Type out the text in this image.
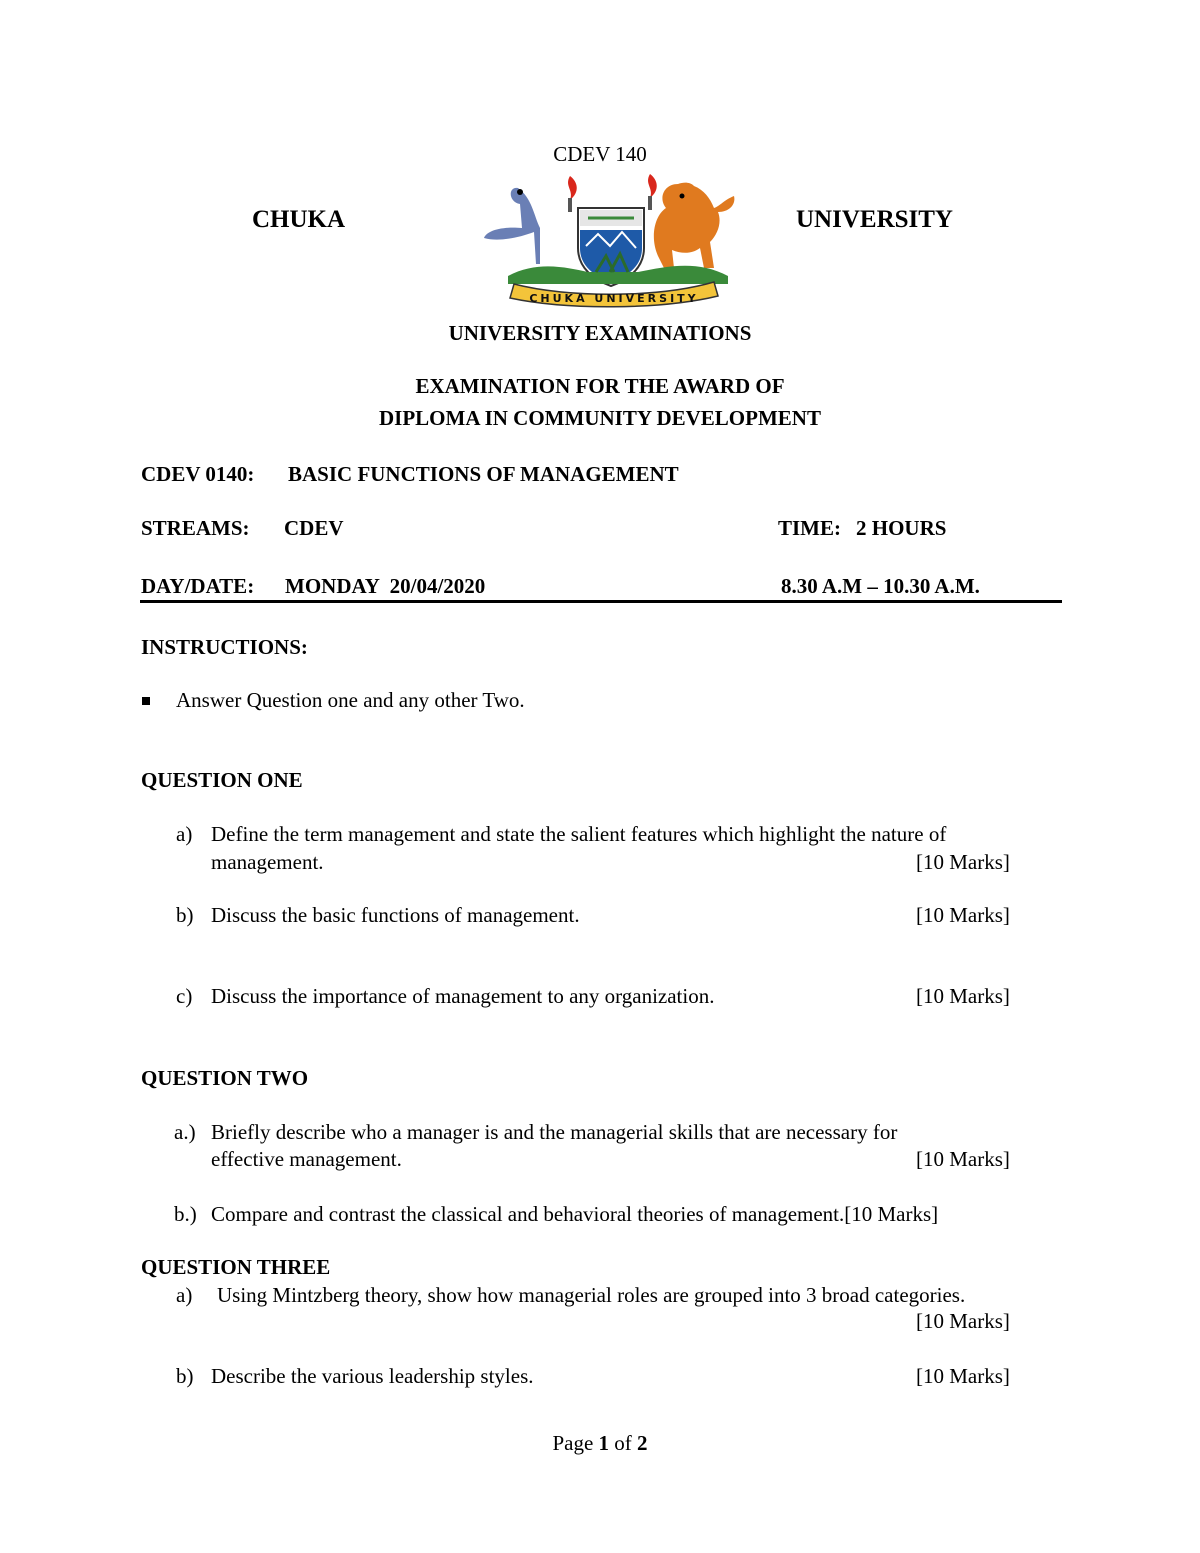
CDEV 140
CHUKA	UNIVERSITY
CHUKA UNIVERSITY
UNIVERSITY EXAMINATIONS
EXAMINATION FOR THE AWARD OF
DIPLOMA IN COMMUNITY DEVELOPMENT
CDEV 0140: BASIC FUNCTIONS OF MANAGEMENT
STREAMS: CDEV	TIME: 2 HOURS
DAY/DATE: MONDAY  20/04/2020	8.30 A.M – 10.30 A.M.
INSTRUCTIONS:
Answer Question one and any other Two.
QUESTION ONE
a) Define the term management and state the salient features which highlight the nature of
management.	[10 Marks]
b) Discuss the basic functions of management.	[10 Marks]
c) Discuss the importance of management to any organization.	[10 Marks]
QUESTION TWO
a.) Briefly describe who a manager is and the managerial skills that are necessary for
effective management.	[10 Marks]
b.) Compare and contrast the classical and behavioral theories of management.[10 Marks]
QUESTION THREE
a) Using Mintzberg theory, show how managerial roles are grouped into 3 broad categories.
[10 Marks]
b) Describe the various leadership styles.	[10 Marks]
Page 1 of 2
